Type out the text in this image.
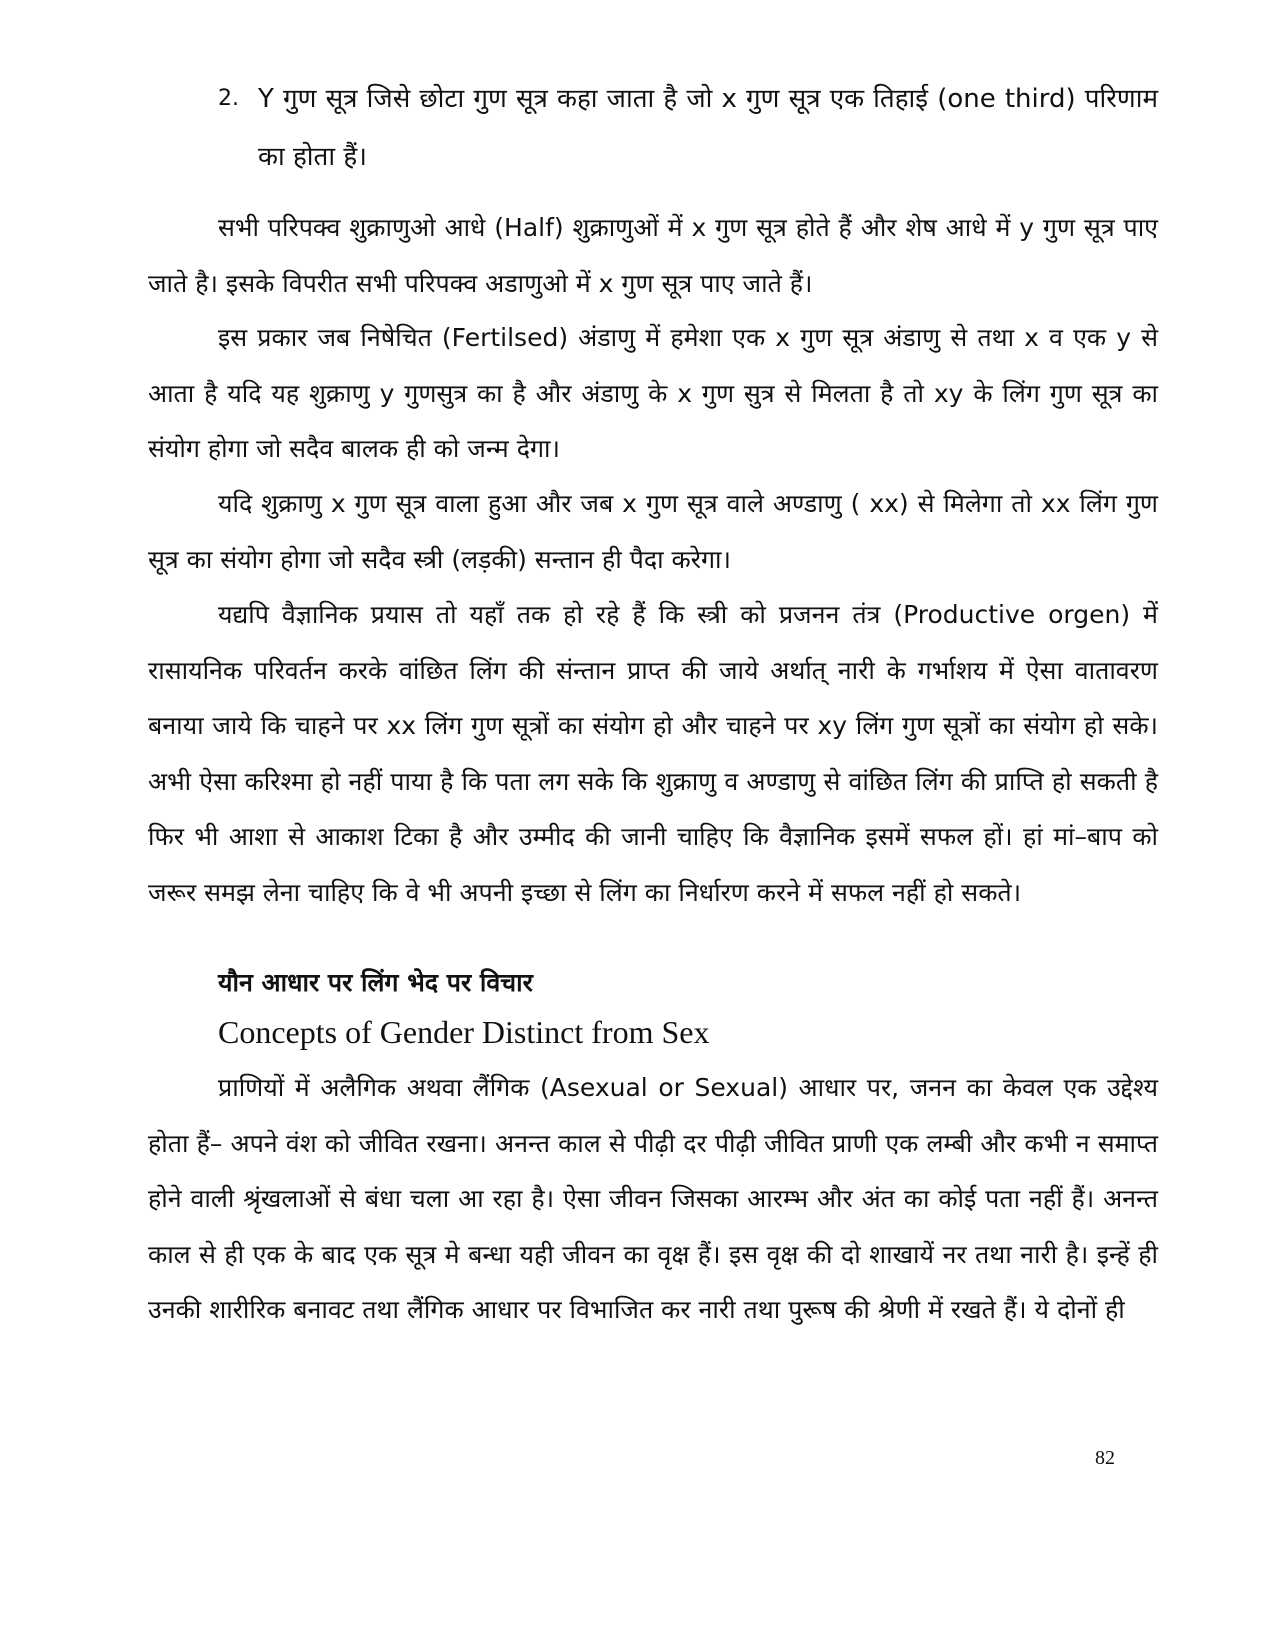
2. Y गुण सूत्र जिसे छोटा गुण सूत्र कहा जाता है जो x गुण सूत्र एक तिहाई (one third) परिणाम का होता हैं।

सभी परिपक्व शुक्राणुओ आधे (Half) शुक्राणुओं में x गुण सूत्र होते हैं और शेष आधे में y गुण सूत्र पाए जाते है। इसके विपरीत सभी परिपक्व अडाणुओ में x गुण सूत्र पाए जाते हैं।

इस प्रकार जब निषेचित (Fertilsed) अंडाणु में हमेशा एक x गुण सूत्र अंडाणु से तथा x व एक y से आता है यदि यह शुक्राणु y गुणसुत्र का है और अंडाणु के x गुण सुत्र से मिलता है तो xy के लिंग गुण सूत्र का संयोग होगा जो सदैव बालक ही को जन्म देगा।

यदि शुक्राणु x गुण सूत्र वाला हुआ और जब x गुण सूत्र वाले अण्डाणु ( xx) से मिलेगा तो xx लिंग गुण सूत्र का संयोग होगा जो सदैव स्त्री (लड़की) सन्तान ही पैदा करेगा।

यद्यपि वैज्ञानिक प्रयास तो यहाँ तक हो रहे हैं कि स्त्री को प्रजनन तंत्र (Productive orgen) में रासायनिक परिवर्तन करके वांछित लिंग की संन्तान प्राप्त की जाये अर्थात् नारी के गर्भाशय में ऐसा वातावरण बनाया जाये कि चाहने पर xx लिंग गुण सूत्रों का संयोग हो और चाहने पर xy लिंग गुण सूत्रों का संयोग हो सके। अभी ऐसा करिश्मा हो नहीं पाया है कि पता लग सके कि शुक्राणु व अण्डाणु से वांछित लिंग की प्राप्ति हो सकती है फिर भी आशा से आकाश टिका है और उम्मीद की जानी चाहिए कि वैज्ञानिक इसमें सफल हों। हां मां–बाप को जरूर समझ लेना चाहिए कि वे भी अपनी इच्छा से लिंग का निर्धारण करने में सफल नहीं हो सकते।

यौन आधार पर लिंग भेद पर विचार
Concepts of Gender Distinct from Sex

प्राणियों में अलैगिक अथवा लैंगिक (Asexual or Sexual) आधार पर, जनन का केवल एक उद्देश्य होता हैं– अपने वंश को जीवित रखना। अनन्त काल से पीढ़ी दर पीढ़ी जीवित प्राणी एक लम्बी और कभी न समाप्त होने वाली श्रृंखलाओं से बंधा चला आ रहा है। ऐसा जीवन जिसका आरम्भ और अंत का कोई पता नहीं हैं। अनन्त काल से ही एक के बाद एक सूत्र मे बन्धा यही जीवन का वृक्ष हैं। इस वृक्ष की दो शाखायें नर तथा नारी है। इन्हें ही उनकी शारीरिक बनावट तथा लैंगिक आधार पर विभाजित कर नारी तथा पुरूष की श्रेणी में रखते हैं। ये दोनों ही

82
